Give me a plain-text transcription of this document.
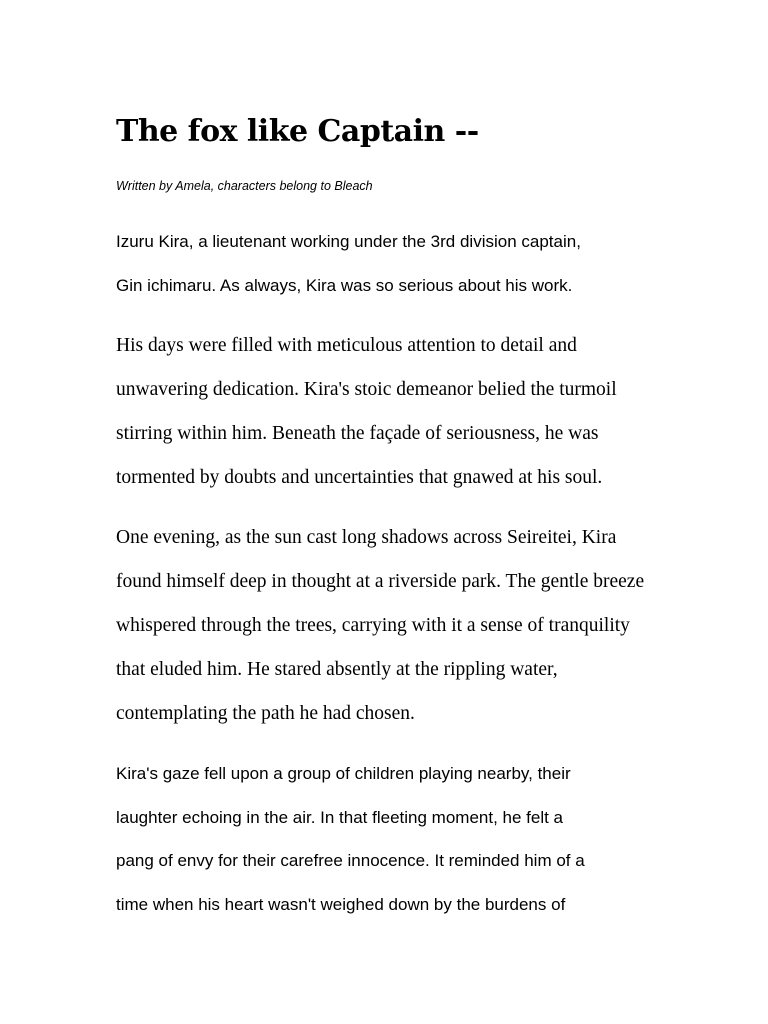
The fox like Captain --

Written by Amela, characters belong to Bleach

Izuru Kira, a lieutenant working under the 3rd division captain,
Gin ichimaru. As always, Kira was so serious about his work.

His days were filled with meticulous attention to detail and
unwavering dedication. Kira's stoic demeanor belied the turmoil
stirring within him. Beneath the façade of seriousness, he was
tormented by doubts and uncertainties that gnawed at his soul.

One evening, as the sun cast long shadows across Seireitei, Kira
found himself deep in thought at a riverside park. The gentle breeze
whispered through the trees, carrying with it a sense of tranquility
that eluded him. He stared absently at the rippling water,
contemplating the path he had chosen.

Kira's gaze fell upon a group of children playing nearby, their
laughter echoing in the air. In that fleeting moment, he felt a
pang of envy for their carefree innocence. It reminded him of a
time when his heart wasn't weighed down by the burdens of
